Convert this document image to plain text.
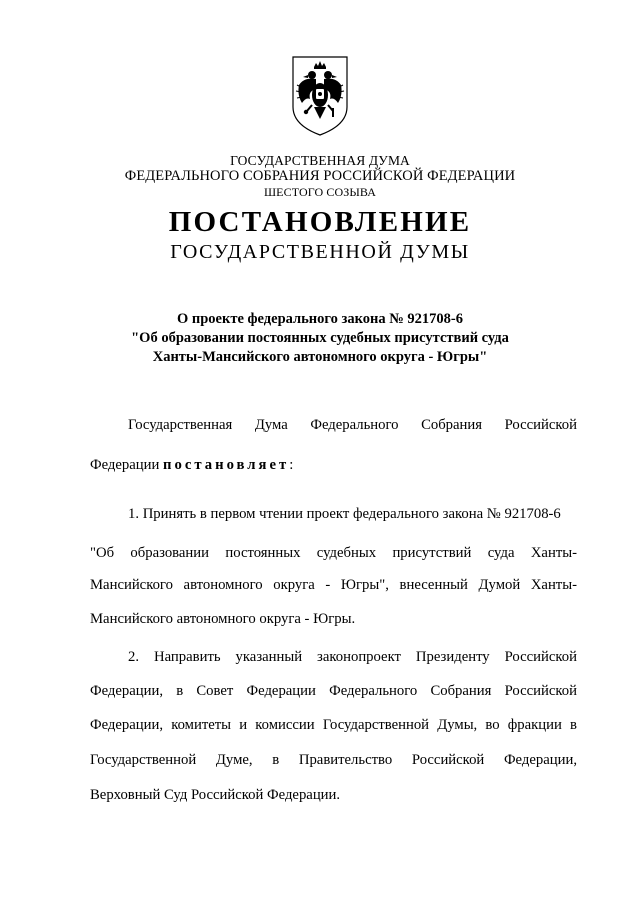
ГОСУДАРСТВЕННАЯ ДУМА
ФЕДЕРАЛЬНОГО СОБРАНИЯ РОССИЙСКОЙ ФЕДЕРАЦИИ
ШЕСТОГО СОЗЫВА
ПОСТАНОВЛЕНИЕ
ГОСУДАРСТВЕННОЙ ДУМЫ
О проекте федерального закона № 921708-6
"Об образовании постоянных судебных присутствий суда
Ханты-Мансийского автономного округа - Югры"
Государственная Дума Федерального Собрания Российской
Федерации постановляет:
1. Принять в первом чтении проект федерального закона № 921708-6
"Об образовании постоянных судебных присутствий суда Ханты-
Мансийского автономного округа - Югры", внесенный Думой Ханты-
Мансийского автономного округа - Югры.
2. Направить указанный законопроект Президенту Российской
Федерации, в Совет Федерации Федерального Собрания Российской
Федерации, комитеты и комиссии Государственной Думы, во фракции в
Государственной Думе, в Правительство Российской Федерации,
Верховный Суд Российской Федерации.
